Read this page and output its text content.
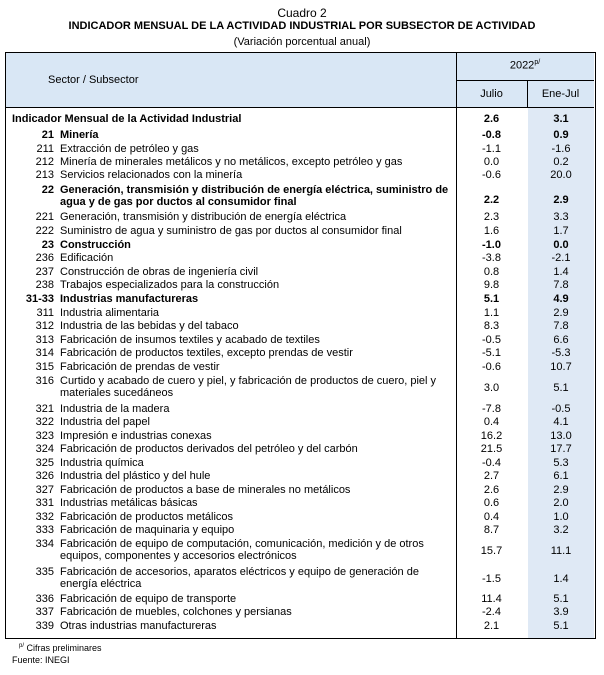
Cuadro 2
INDICADOR MENSUAL DE LA ACTIVIDAD INDUSTRIAL POR SUBSECTOR DE ACTIVIDAD
(Variación porcentual anual)
Sector / Subsector
$2022^{p/}$
Julio	Ene-Jul
Indicador Mensual de la Actividad Industrial	2.6	3.1
21 Minería	-0.8	0.9
211 Extracción de petróleo y gas	-1.1	-1.6
212 Minería de minerales metálicos y no metálicos, excepto petróleo y gas	0.0	0.2
213 Servicios relacionados con la minería	-0.6	20.0
22 Generación, transmisión y distribución de energía eléctrica, suministro de agua y de gas por ductos al consumidor final	2.2	2.9
221 Generación, transmisión y distribución de energía eléctrica	2.3	3.3
222 Suministro de agua y suministro de gas por ductos al consumidor final	1.6	1.7
23 Construcción	-1.0	0.0
236 Edificación	-3.8	-2.1
237 Construcción de obras de ingeniería civil	0.8	1.4
238 Trabajos especializados para la construcción	9.8	7.8
31-33 Industrias manufactureras	5.1	4.9
311 Industria alimentaria	1.1	2.9
312 Industria de las bebidas y del tabaco	8.3	7.8
313 Fabricación de insumos textiles y acabado de textiles	-0.5	6.6
314 Fabricación de productos textiles, excepto prendas de vestir	-5.1	-5.3
315 Fabricación de prendas de vestir	-0.6	10.7
316 Curtido y acabado de cuero y piel, y fabricación de productos de cuero, piel y materiales sucedáneos	3.0	5.1
321 Industria de la madera	-7.8	-0.5
322 Industria del papel	0.4	4.1
323 Impresión e industrias conexas	16.2	13.0
324 Fabricación de productos derivados del petróleo y del carbón	21.5	17.7
325 Industria química	-0.4	5.3
326 Industria del plástico y del hule	2.7	6.1
327 Fabricación de productos a base de minerales no metálicos	2.6	2.9
331 Industrias metálicas básicas	0.6	2.0
332 Fabricación de productos metálicos	0.4	1.0
333 Fabricación de maquinaria y equipo	8.7	3.2
334 Fabricación de equipo de computación, comunicación, medición y de otros equipos, componentes y accesorios electrónicos	15.7	11.1
335 Fabricación de accesorios, aparatos eléctricos y equipo de generación de energía eléctrica	-1.5	1.4
336 Fabricación de equipo de transporte	11.4	5.1
337 Fabricación de muebles, colchones y persianas	-2.4	3.9
339 Otras industrias manufactureras	2.1	5.1
$^{p/}$ Cifras preliminares
Fuente: INEGI
